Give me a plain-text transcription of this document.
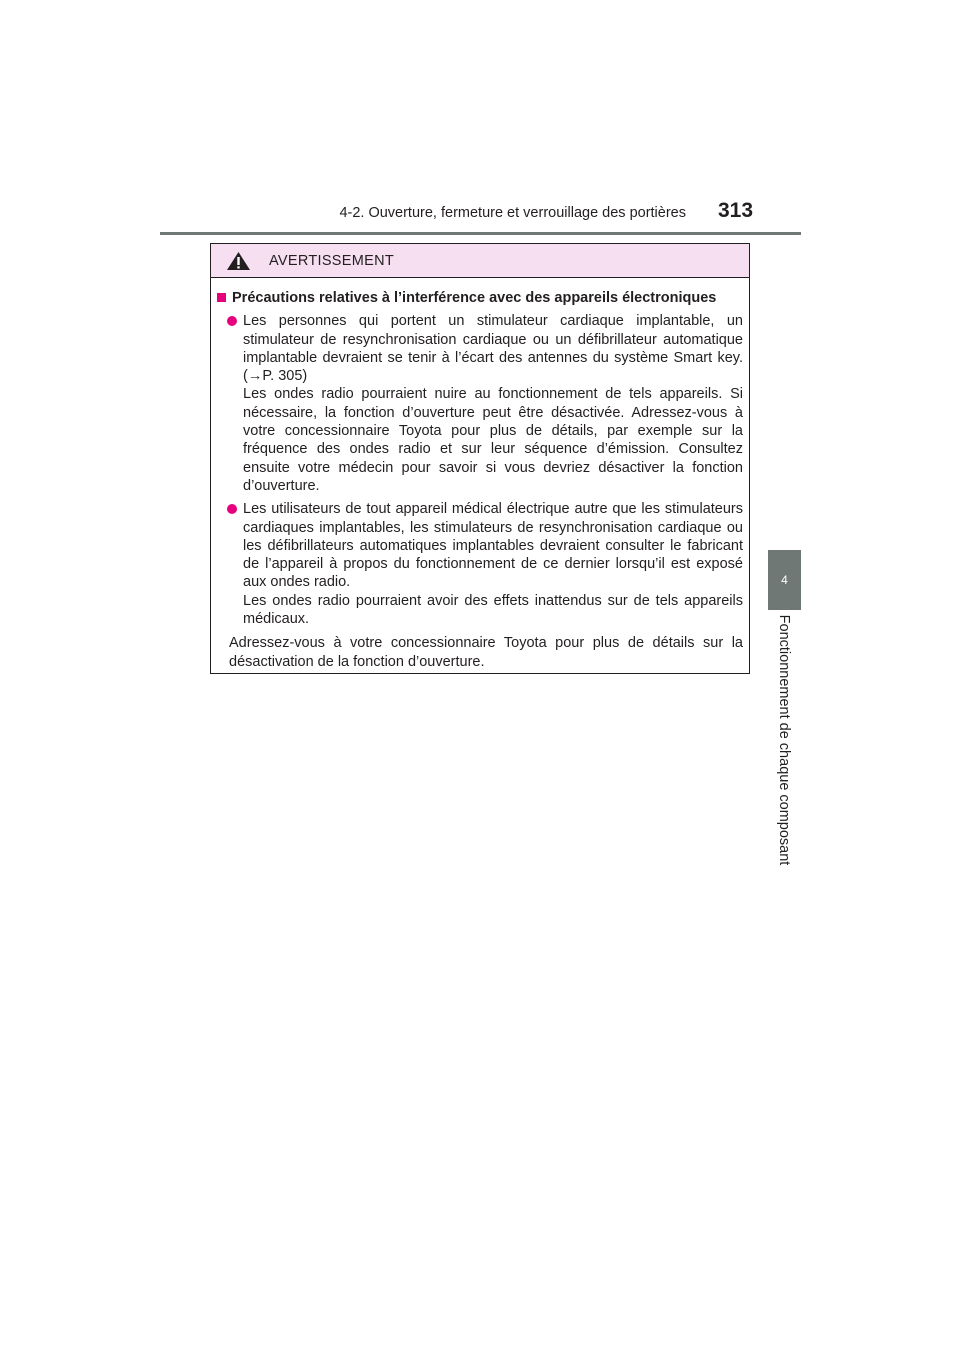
4-2. Ouverture, fermeture et verrouillage des portières 313
4
Fonctionnement de chaque composant
AVERTISSEMENT
Précautions relatives à l’interférence avec des appareils électroniques

Les personnes qui portent un stimulateur cardiaque implantable, un stimulateur de resynchronisation cardiaque ou un défibrillateur automatique implantable devraient se tenir à l’écart des antennes du système Smart key. (→P. 305)

Les ondes radio pourraient nuire au fonctionnement de tels appareils. Si nécessaire, la fonction d’ouverture peut être désactivée. Adressez-vous à votre concessionnaire Toyota pour plus de détails, par exemple sur la fréquence des ondes radio et sur leur séquence d’émission. Consultez ensuite votre médecin pour savoir si vous devriez désactiver la fonction d’ouverture.

Les utilisateurs de tout appareil médical électrique autre que les stimulateurs cardiaques implantables, les stimulateurs de resynchronisation cardiaque ou les défibrillateurs automatiques implantables devraient consulter le fabricant de l’appareil à propos du fonctionnement de ce dernier lorsqu’il est exposé aux ondes radio.

Les ondes radio pourraient avoir des effets inattendus sur de tels appareils médicaux.

Adressez-vous à votre concessionnaire Toyota pour plus de détails sur la désactivation de la fonction d’ouverture.
